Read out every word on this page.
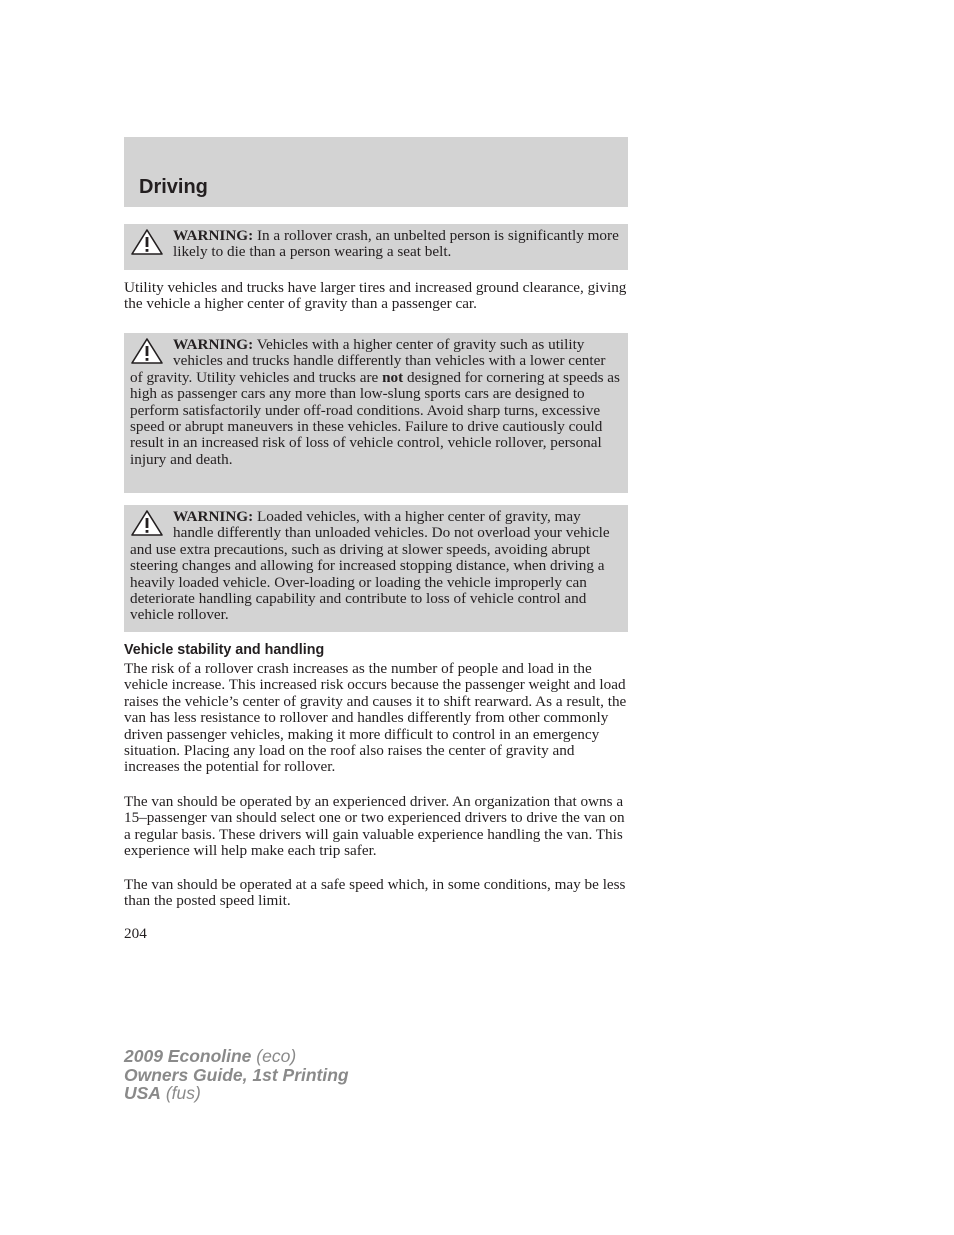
Driving
WARNING: In a rollover crash, an unbelted person is significantly more likely to die than a person wearing a seat belt.

Utility vehicles and trucks have larger tires and increased ground clearance, giving the vehicle a higher center of gravity than a passenger car.

WARNING: Vehicles with a higher center of gravity such as utility vehicles and trucks handle differently than vehicles with a lower center of gravity. Utility vehicles and trucks are not designed for cornering at speeds as high as passenger cars any more than low-slung sports cars are designed to perform satisfactorily under off-road conditions. Avoid sharp turns, excessive speed or abrupt maneuvers in these vehicles. Failure to drive cautiously could result in an increased risk of loss of vehicle control, vehicle rollover, personal injury and death.
WARNING: Loaded vehicles, with a higher center of gravity, may handle differently than unloaded vehicles. Do not overload your vehicle and use extra precautions, such as driving at slower speeds, avoiding abrupt steering changes and allowing for increased stopping distance, when driving a heavily loaded vehicle. Over-loading or loading the vehicle improperly can deteriorate handling capability and contribute to loss of vehicle control and vehicle rollover.
Vehicle stability and handling

The risk of a rollover crash increases as the number of people and load in the vehicle increase. This increased risk occurs because the passenger weight and load raises the vehicle’s center of gravity and causes it to shift rearward. As a result, the van has less resistance to rollover and handles differently from other commonly driven passenger vehicles, making it more difficult to control in an emergency situation. Placing any load on the roof also raises the center of gravity and increases the potential for rollover.

The van should be operated by an experienced driver. An organization that owns a 15–passenger van should select one or two experienced drivers to drive the van on a regular basis. These drivers will gain valuable experience handling the van. This experience will help make each trip safer.

The van should be operated at a safe speed which, in some conditions, may be less than the posted speed limit.

204
2009 Econoline (eco)
Owners Guide, 1st Printing
USA (fus)
